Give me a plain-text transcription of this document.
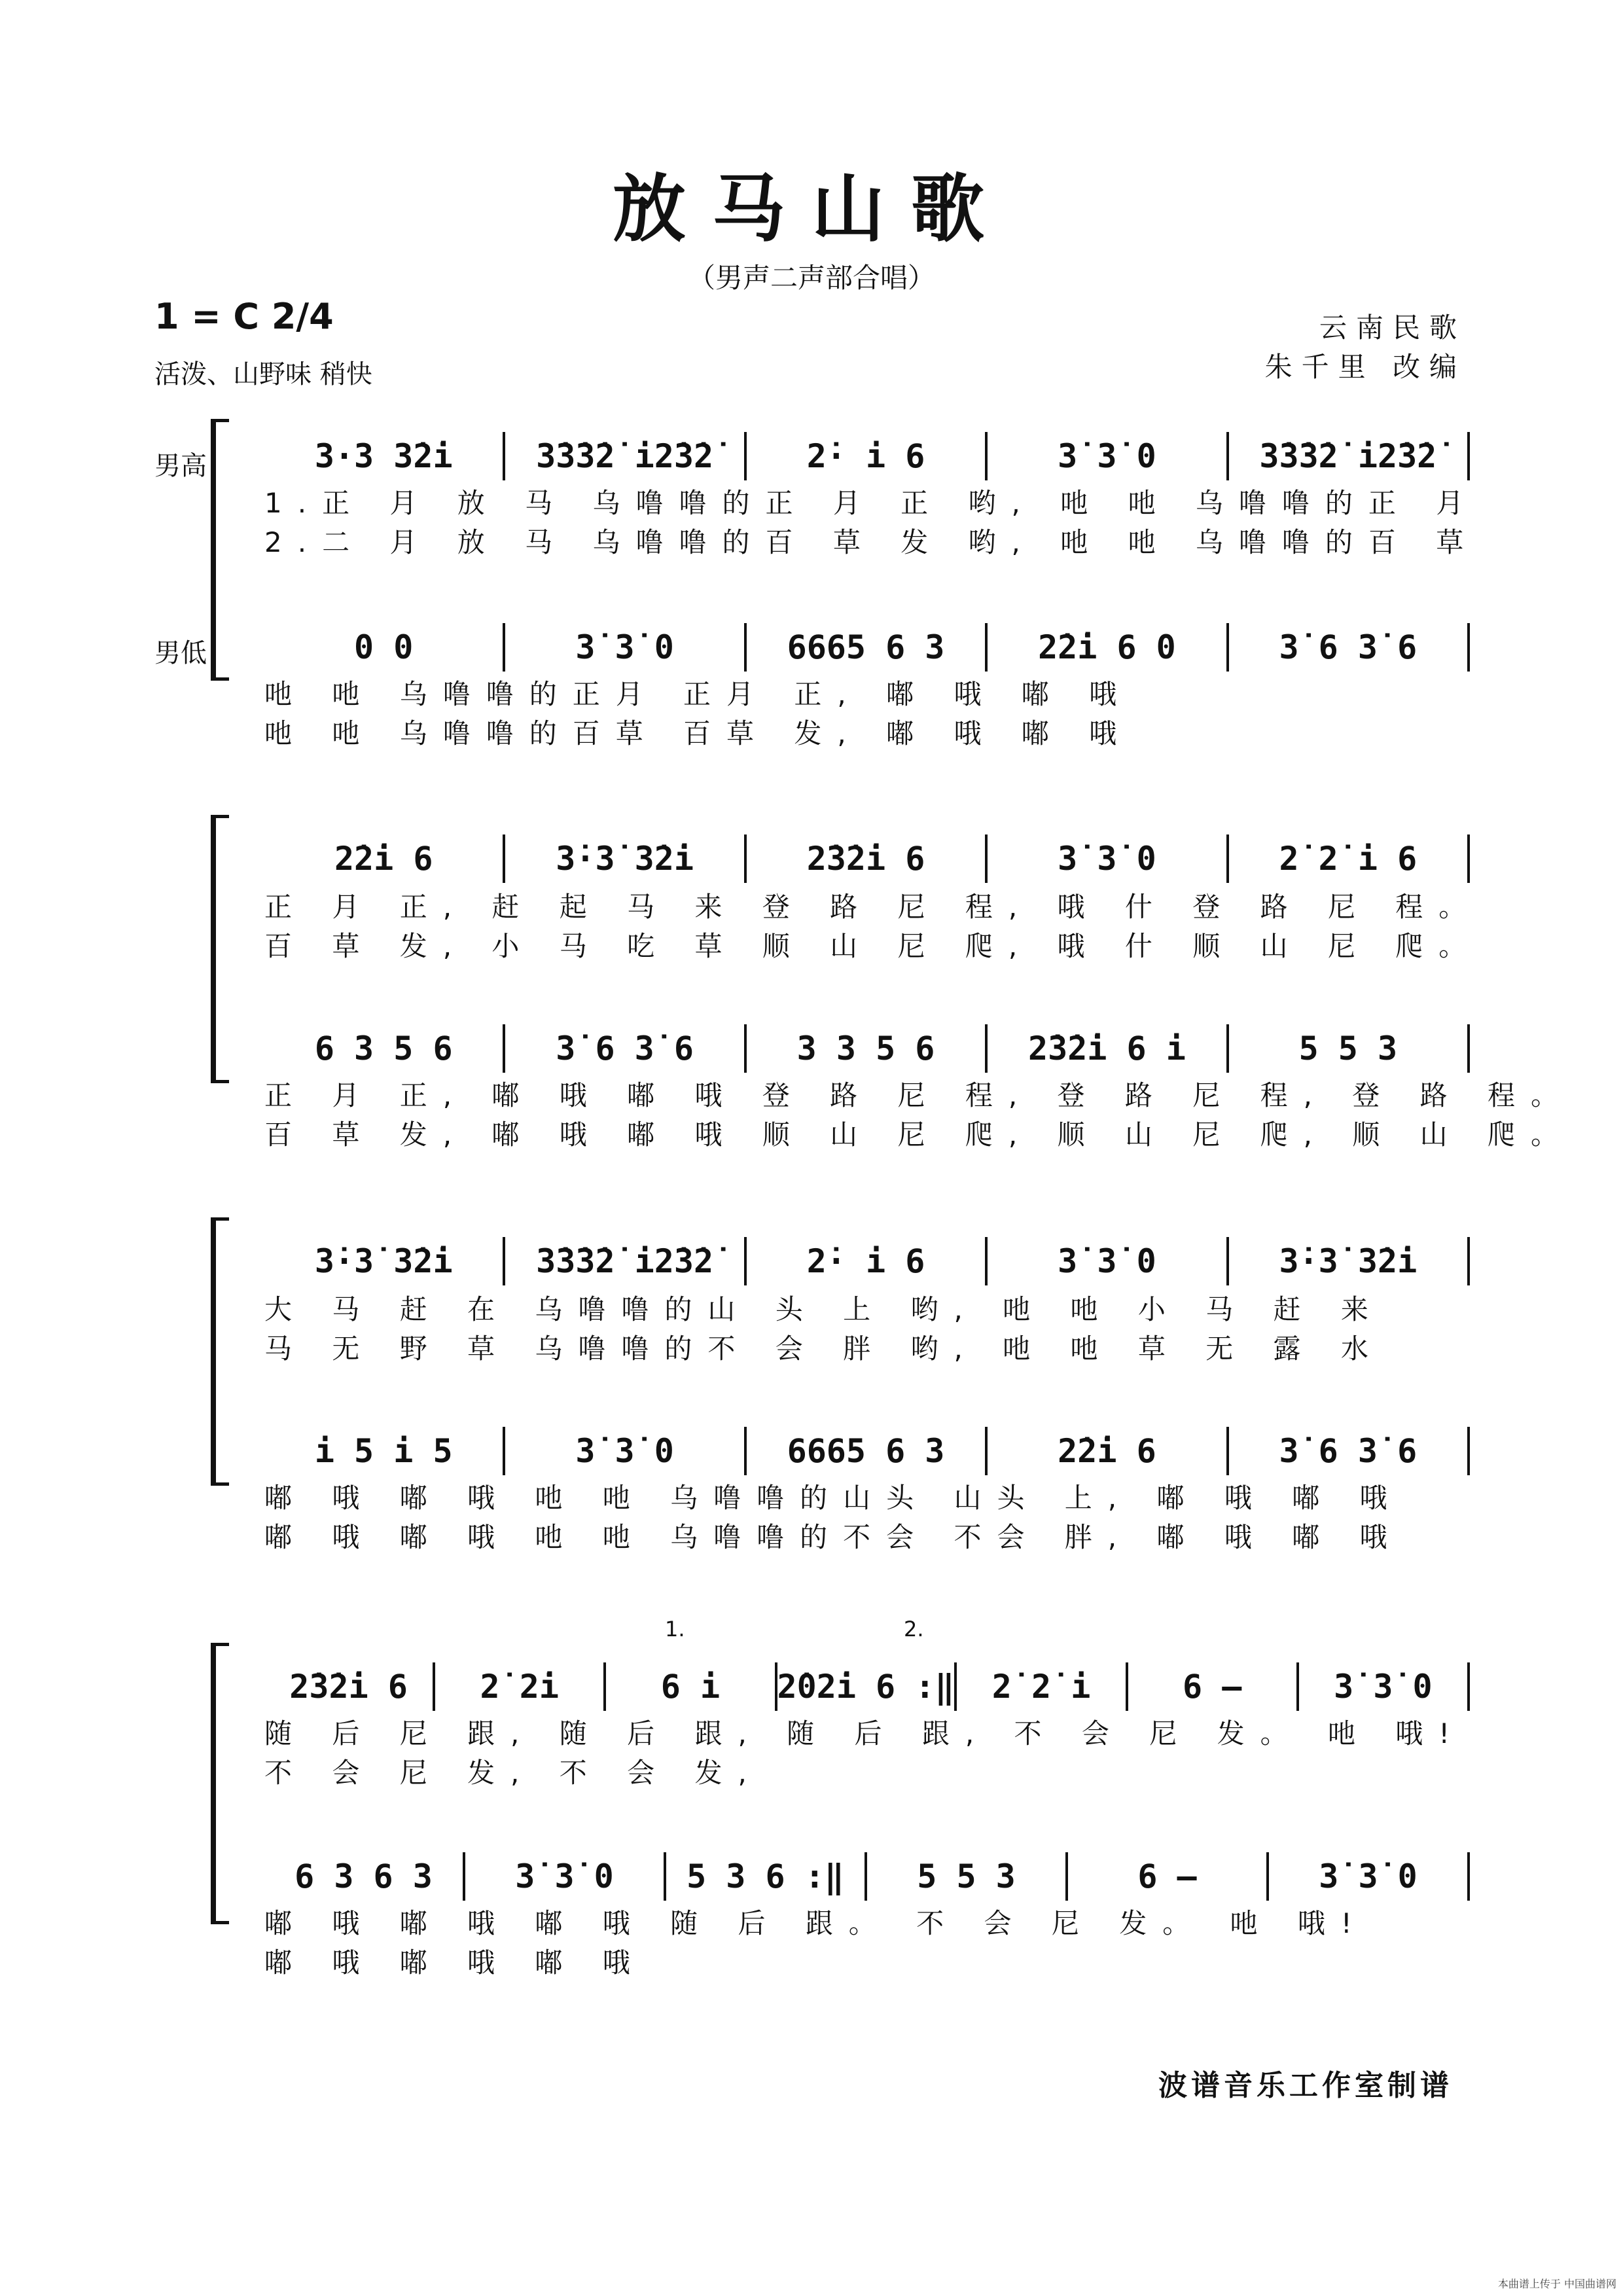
放马山歌
（男声二声部合唱）
1 = C 2/4
活泼、山野味 稍快
云南民歌
朱千里 改编
男高
男低
3·3 3̇2̇i	3̇3̇3̇2̇ i2̇3̇2̇	2̇· i 6	3̇ 3̇ 0	3̇3̇3̇2̇ i2̇3̇2̇
1.正 月 放 马 乌噜噜的正 月 正 哟, 吔 吔 乌噜噜的正 月
2.二 月 放 马 乌噜噜的百 草 发 哟, 吔 吔 乌噜噜的百 草
0 0	3̇ 3̇ 0	6665 6 3	2̇2̇i 6 0	3̇ 6 3̇ 6
吔 吔 乌噜噜的正月 正月 正, 嘟 哦 嘟 哦
吔 吔 乌噜噜的百草 百草 发, 嘟 哦 嘟 哦
2̇2̇i 6	3̇·3̇ 3̇2̇i	2̇3̇2̇i 6	3̇ 3̇ 0	2̇ 2̇ i 6
正 月 正, 赶 起 马 来 登 路 尼 程, 哦 什 登 路 尼 程。
百 草 发, 小 马 吃 草 顺 山 尼 爬, 哦 什 顺 山 尼 爬。
6 3 5 6	3̇ 6 3̇ 6	3 3 5 6	2̇3̇2̇i 6 i	5 5 3
正 月 正, 嘟 哦 嘟 哦 登 路 尼 程, 登 路 尼 程, 登 路 程。
百 草 发, 嘟 哦 嘟 哦 顺 山 尼 爬, 顺 山 尼 爬, 顺 山 爬。
3̇·3̇ 3̇2̇i	3̇3̇3̇2̇ i2̇3̇2̇	2̇· i 6	3̇ 3̇ 0	3̇·3̇ 3̇2̇i
大 马 赶 在 乌噜噜的山 头 上 哟, 吔 吔 小 马 赶 来
马 无 野 草 乌噜噜的不 会 胖 哟, 吔 吔 草 无 露 水
i 5 i 5	3̇ 3̇ 0	6665 6 3	2̇2̇i 6	3̇ 6 3̇ 6
嘟 哦 嘟 哦 吔 吔 乌噜噜的山头 山头 上, 嘟 哦 嘟 哦
嘟 哦 嘟 哦 吔 吔 乌噜噜的不会 不会 胖, 嘟 哦 嘟 哦
1.	2.
2̇3̇2̇i 6	2̇ 2̇i	6 i	2̇02̇i 6 :‖	2̇ 2̇ i	6 –	3̇ 3̇ 0
随 后 尼 跟, 随 后 跟, 随 后 跟, 不 会 尼 发。 吔 哦!
不 会 尼 发, 不 会 发,
6 3 6 3	3̇ 3̇ 0	5 3 6 :‖	5 5 3	6 –	3̇ 3̇ 0
嘟 哦 嘟 哦 嘟 哦 随 后 跟。 不 会 尼 发。 吔 哦!
嘟 哦 嘟 哦 嘟 哦
波谱音乐工作室制谱
本曲谱上传于 中国曲谱网
